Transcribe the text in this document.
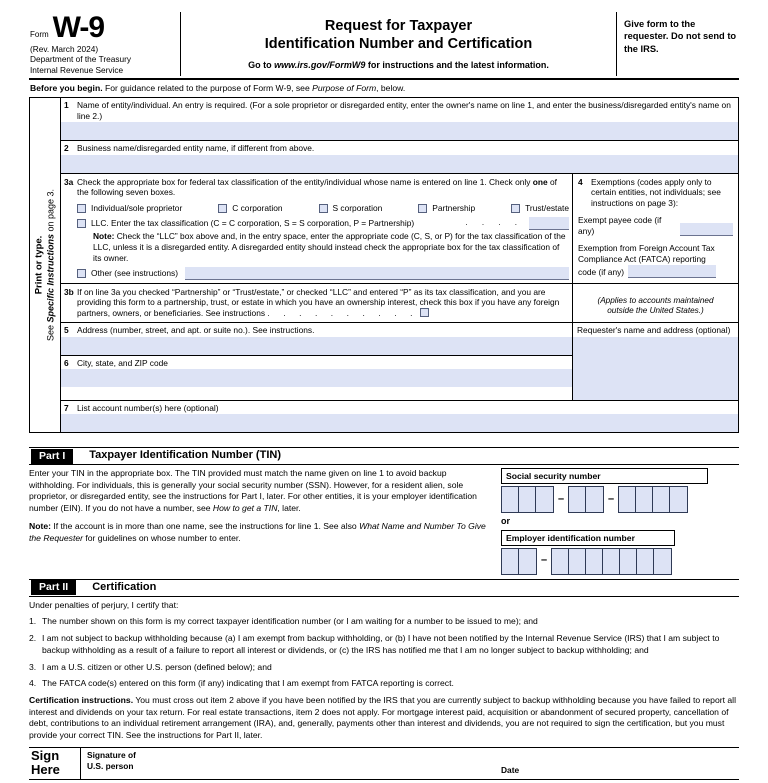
Form W-9
(Rev. March 2024)
Department of the Treasury
Internal Revenue Service
Request for Taxpayer
Identification Number and Certification
Go to www.irs.gov/FormW9 for instructions and the latest information.
Give form to the requester. Do not send to the IRS.
Before you begin. For guidance related to the purpose of Form W-9, see Purpose of Form, below.
Print or type.
See Specific Instructions on page 3.
1 Name of entity/individual. An entry is required. (For a sole proprietor or disregarded entity, enter the owner's name on line 1, and enter the business/disregarded entity's name on line 2.)
2 Business name/disregarded entity name, if different from above.
3a Check the appropriate box for federal tax classification of the entity/individual whose name is entered on line 1. Check only one of the following seven boxes.
Individual/sole proprietor	C corporation	S corporation	Partnership	Trust/estate
LLC. Enter the tax classification (C = C corporation, S = S corporation, P = Partnership)	. . . .
Note: Check the “LLC” box above and, in the entry space, enter the appropriate code (C, S, or P) for the tax classification of the LLC, unless it is a disregarded entity. A disregarded entity should instead check the appropriate box for the tax classification of its owner.
Other (see instructions)
4 Exemptions (codes apply only to certain entities, not individuals; see instructions on page 3):
Exempt payee code (if any)
Exemption from Foreign Account Tax
Compliance Act (FATCA) reporting
code (if any)
3b If on line 3a you checked “Partnership” or “Trust/estate,” or checked “LLC” and entered “P” as its tax classification, and you are providing this form to a partnership, trust, or estate in which you have an ownership interest, check this box if you have any foreign partners, owners, or beneficiaries. See instructions . . . . . . . . . .
(Applies to accounts maintained
outside the United States.)
5 Address (number, street, and apt. or suite no.). See instructions.
6 City, state, and ZIP code
Requester's name and address (optional)
7 List account number(s) here (optional)
Part I	Taxpayer Identification Number (TIN)

Enter your TIN in the appropriate box. The TIN provided must match the name given on line 1 to avoid backup withholding. For individuals, this is generally your social security number (SSN). However, for a resident alien, sole proprietor, or disregarded entity, see the instructions for Part I, later. For other entities, it is your employer identification number (EIN). If you do not have a number, see How to get a TIN, later.

Note: If the account is in more than one name, see the instructions for line 1. See also What Name and Number To Give the Requester for guidelines on whose number to enter.

Social security number
–	–
or
Employer identification number
–
Part II	Certification

Under penalties of perjury, I certify that:

1. The number shown on this form is my correct taxpayer identification number (or I am waiting for a number to be issued to me); and
2. I am not subject to backup withholding because (a) I am exempt from backup withholding, or (b) I have not been notified by the Internal Revenue Service (IRS) that I am subject to backup withholding as a result of a failure to report all interest or dividends, or (c) the IRS has notified me that I am no longer subject to backup withholding; and
3. I am a U.S. citizen or other U.S. person (defined below); and
4. The FATCA code(s) entered on this form (if any) indicating that I am exempt from FATCA reporting is correct.

Certification instructions. You must cross out item 2 above if you have been notified by the IRS that you are currently subject to backup withholding because you have failed to report all interest and dividends on your tax return. For real estate transactions, item 2 does not apply. For mortgage interest paid, acquisition or abandonment of secured property, cancellation of debt, contributions to an individual retirement arrangement (IRA), and, generally, payments other than interest and dividends, you are not required to sign the certification, but you must provide your correct TIN. See the instructions for Part II, later.

Sign
Here
Signature of
U.S. person	Date
